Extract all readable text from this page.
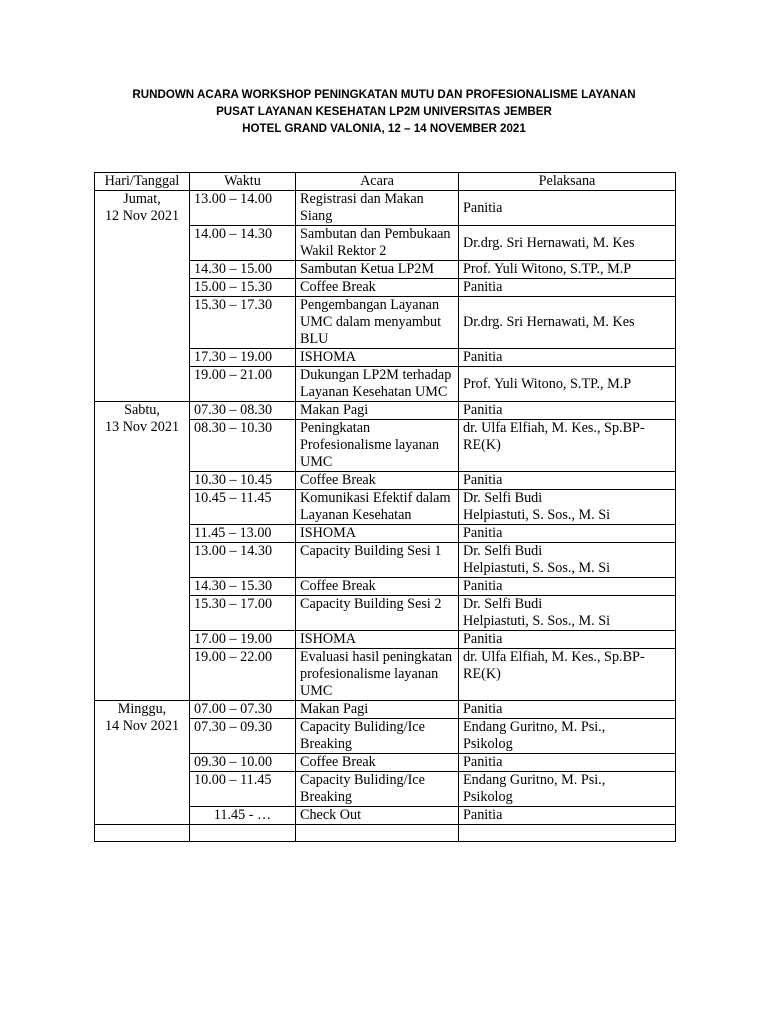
RUNDOWN ACARA WORKSHOP PENINGKATAN MUTU DAN PROFESIONALISME LAYANAN
PUSAT LAYANAN KESEHATAN LP2M UNIVERSITAS JEMBER
HOTEL GRAND VALONIA, 12 – 14 NOVEMBER 2021
Hari/Tanggal	Waktu	Acara	Pelaksana

Jumat,
12 Nov 2021	13.00 – 14.00	Registrasi dan Makan Siang	Panitia

	14.00 – 14.30	Sambutan dan Pembukaan Wakil Rektor 2	Dr.drg. Sri Hernawati, M. Kes

	14.30 – 15.00	Sambutan Ketua LP2M	Prof. Yuli Witono, S.TP., M.P

	15.00 – 15.30	Coffee Break	Panitia

	15.30 – 17.30	Pengembangan Layanan UMC dalam menyambut BLU	Dr.drg. Sri Hernawati, M. Kes

	17.30 – 19.00	ISHOMA	Panitia

	19.00 – 21.00	Dukungan LP2M terhadap Layanan Kesehatan UMC	Prof. Yuli Witono, S.TP., M.P

Sabtu,
13 Nov 2021	07.30 – 08.30	Makan Pagi	Panitia

	08.30 – 10.30	Peningkatan Profesionalisme layanan UMC	dr. Ulfa Elfiah, M. Kes., Sp.BP-RE(K)

	10.30 – 10.45	Coffee Break	Panitia

	10.45 – 11.45	Komunikasi Efektif dalam Layanan Kesehatan	Dr. Selfi Budi
Helpiastuti, S. Sos., M. Si

	11.45 – 13.00	ISHOMA	Panitia

	13.00 – 14.30	Capacity Building Sesi 1	Dr. Selfi Budi
Helpiastuti, S. Sos., M. Si

	14.30 – 15.30	Coffee Break	Panitia

	15.30 – 17.00	Capacity Building Sesi 2	Dr. Selfi Budi
Helpiastuti, S. Sos., M. Si

	17.00 – 19.00	ISHOMA	Panitia

	19.00 – 22.00	Evaluasi hasil peningkatan profesionalisme layanan UMC	dr. Ulfa Elfiah, M. Kes., Sp.BP-RE(K)

Minggu,
14 Nov 2021	07.00 – 07.30	Makan Pagi	Panitia

	07.30 – 09.30	Capacity Buliding/Ice Breaking	Endang Guritno, M. Psi.,
Psikolog

	09.30 – 10.00	Coffee Break	Panitia

	10.00 – 11.45	Capacity Buliding/Ice Breaking	Endang Guritno, M. Psi.,
Psikolog

	11.45 - …	Check Out	Panitia
